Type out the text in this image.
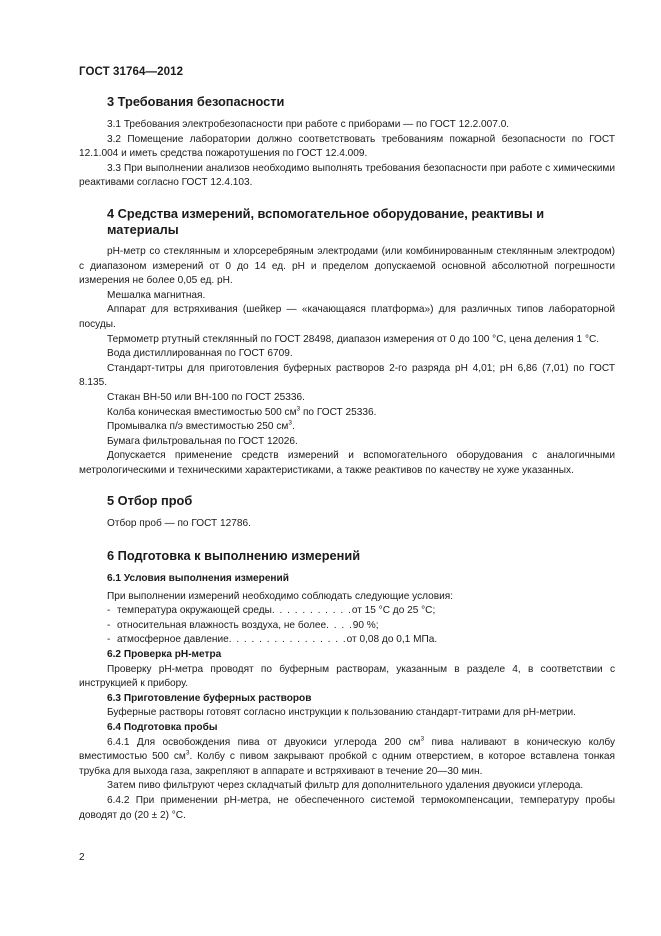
ГОСТ 31764—2012
3 Требования безопасности

3.1 Требования электробезопасности при работе с приборами — по ГОСТ 12.2.007.0.

3.2 Помещение лаборатории должно соответствовать требованиям пожарной безопасности по ГОСТ 12.1.004 и иметь средства пожаротушения по ГОСТ 12.4.009.

3.3 При выполнении анализов необходимо выполнять требования безопасности при работе с химическими реактивами согласно ГОСТ 12.4.103.

4 Средства измерений, вспомогательное оборудование, реактивы и материалы

pH-метр со стеклянным и хлорсеребряным электродами (или комбинированным стеклянным электродом) с диапазоном измерений от 0 до 14 ед. pH и пределом допускаемой основной абсолютной погрешности измерения не более 0,05 ед. pH.

Мешалка магнитная.

Аппарат для встряхивания (шейкер — «качающаяся платформа») для различных типов лабораторной посуды.

Термометр ртутный стеклянный по ГОСТ 28498, диапазон измерения от 0 до 100 °С, цена деления 1 °С.

Вода дистиллированная по ГОСТ 6709.

Стандарт-титры для приготовления буферных растворов 2-го разряда pH 4,01; pH 6,86 (7,01) по ГОСТ 8.135.

Стакан ВН-50 или ВН-100 по ГОСТ 25336.

Колба коническая вместимостью 500 $см^3$ по ГОСТ 25336.

Промывалка п/э вместимостью 250 $см^3$.

Бумага фильтровальная по ГОСТ 12026.

Допускается применение средств измерений и вспомогательного оборудования с аналогичными метрологическими и техническими характеристиками, а также реактивов по качеству не хуже указанных.

5 Отбор проб

Отбор проб — по ГОСТ 12786.

6 Подготовка к выполнению измерений
6.1 Условия выполнения измерений

При выполнении измерений необходимо соблюдать следующие условия:

- температура окружающей среды . . . . . . . . . . . от 15 °С до 25 °С;
- относительная влажность воздуха, не более . . . . 90 %;
- атмосферное давление . . . . . . . . . . . . . . . . от 0,08 до 0,1 МПа.
6.2 Проверка pH-метра

Проверку pH-метра проводят по буферным растворам, указанным в разделе 4, в соответствии с инструкцией к прибору.

6.3 Приготовление буферных растворов

Буферные растворы готовят согласно инструкции к пользованию стандарт-титрами для pH-метрии.

6.4 Подготовка пробы

6.4.1 Для освобождения пива от двуокиси углерода 200 $см^3$ пива наливают в коническую колбу вместимостью 500 $см^3$. Колбу с пивом закрывают пробкой с одним отверстием, в которое вставлена тонкая трубка для выхода газа, закрепляют в аппарате и встряхивают в течение 20—30 мин.

Затем пиво фильтруют через складчатый фильтр для дополнительного удаления двуокиси углерода.

6.4.2 При применении pH-метра, не обеспеченного системой термокомпенсации, температуру пробы доводят до (20 ± 2) °С.

2
